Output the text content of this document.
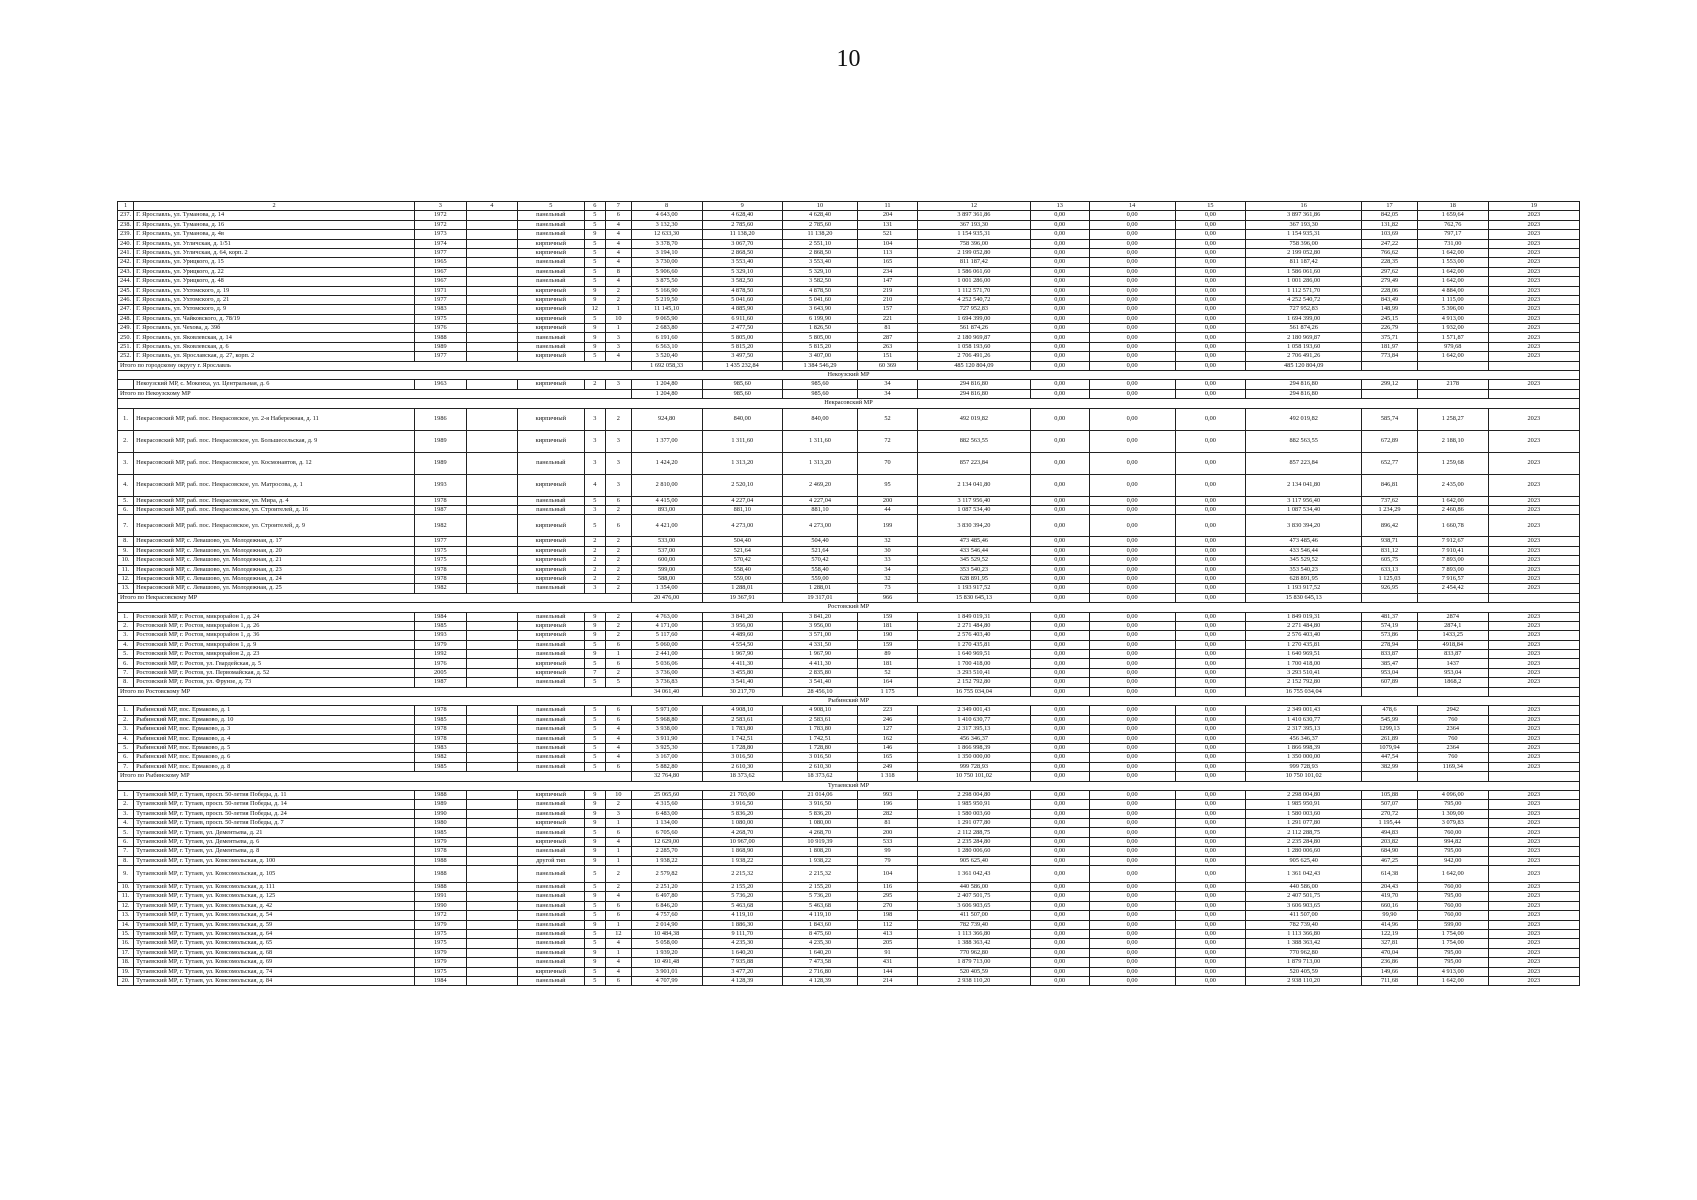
10
1	2	3	4	5	6	7	8	9	10	11	12	13	14	15	16	17	18	19
237.	Г. Ярославль, ул. Туманова, д. 14	1972		панельный	5	6	4 643,00	4 628,40	4 628,40	204	3 897 361,86	0,00	0,00	0,00	3 897 361,86	842,05	1 659,64	2023
238.	Г. Ярославль, ул. Туманова, д. 16	1972		панельный	5	4	3 132,30	2 785,60	2 785,60	131	367 193,30	0,00	0,00	0,00	367 193,30	131,82	762,76	2023
239.	Г. Ярославль, ул. Туманова, д. 4в	1973		панельный	9	4	12 633,30	11 138,20	11 138,20	521	1 154 935,31	0,00	0,00	0,00	1 154 935,31	103,69	797,17	2023
240.	Г. Ярославль, ул. Угличская, д. 1/51	1974		кирпичный	5	4	3 378,70	3 067,70	2 551,10	104	758 396,00	0,00	0,00	0,00	758 396,00	247,22	731,00	2023
241.	Г. Ярославль, ул. Угличская, д. 64, корп. 2	1977		кирпичный	5	4	3 194,10	2 868,50	2 868,50	113	2 199 052,80	0,00	0,00	0,00	2 199 052,80	766,62	1 642,00	2023
242.	Г. Ярославль, ул. Урицкого, д. 15	1965		панельный	5	4	3 730,00	3 553,40	3 553,40	165	811 187,42	0,00	0,00	0,00	811 187,42	228,35	1 553,00	2023
243.	Г. Ярославль, ул. Урицкого, д. 22	1967		панельный	5	8	5 906,60	5 329,10	5 329,10	234	1 586 061,60	0,00	0,00	0,00	1 586 061,60	297,62	1 642,00	2023
244.	Г. Ярославль, ул. Урицкого, д. 48	1967		панельный	5	4	3 875,50	3 582,50	3 582,50	147	1 001 286,00	0,00	0,00	0,00	1 001 286,00	279,49	1 642,00	2023
245.	Г. Ярославль, ул. Ухтомского, д. 19	1971		кирпичный	9	2	5 166,90	4 878,50	4 878,50	219	1 112 571,70	0,00	0,00	0,00	1 112 571,70	228,06	4 884,00	2023
246.	Г. Ярославль, ул. Ухтомского, д. 21	1977		кирпичный	9	2	5 219,50	5 041,60	5 041,60	210	4 252 540,72	0,00	0,00	0,00	4 252 540,72	843,49	1 115,00	2023
247.	Г. Ярославль, ул. Ухтомского, д. 9	1983		кирпичный	12	1	11 145,10	4 885,90	3 643,90	157	727 952,83	0,00	0,00	0,00	727 952,83	148,99	5 396,00	2023
248.	Г. Ярославль, ул. Чайковского, д. 78/19	1975		кирпичный	5	10	9 065,90	6 911,60	6 199,90	221	1 694 399,00	0,00	0,00	0,00	1 694 399,00	245,15	4 913,00	2023
249.	Г. Ярославль, ул. Чехова, д. 39б	1976		кирпичный	9	1	2 683,80	2 477,50	1 826,50	81	561 874,26	0,00	0,00	0,00	561 874,26	226,79	1 932,00	2023
250.	Г. Ярославль, ул. Яковлевская, д. 14	1988		панельный	9	3	6 191,60	5 805,00	5 805,00	287	2 180 969,87	0,00	0,00	0,00	2 180 969,87	375,71	1 571,87	2023
251.	Г. Ярославль, ул. Яковлевская, д. 6	1989		панельный	9	3	6 563,10	5 815,20	5 815,20	263	1 058 193,60	0,00	0,00	0,00	1 058 193,60	181,97	979,68	2023
252.	Г. Ярославль, ул. Ярославская, д. 27, корп. 2	1977		кирпичный	5	4	3 520,40	3 497,50	3 407,00	151	2 706 491,26	0,00	0,00	0,00	2 706 491,26	773,84	1 642,00	2023
Итого по городскому округу г. Ярославль							1 692 058,33	1 435 232,84	1 384 546,29	60 369	485 120 804,09	0,00	0,00	0,00	485 120 804,09			
Некоузский МР																		
	Некоузский МР, с. Мокеиха, ул. Центральная, д. 6	1963		кирпичный	2	3	1 204,80	985,60	985,60	34	294 816,80	0,00	0,00	0,00	294 816,80	299,12	2178	2023
Итого по Некоузскому МР							1 204,80	985,60	985,60	34	294 816,80	0,00	0,00	0,00	294 816,80			
Некрасовский МР																		
1.	Некрасовский МР, раб. пос. Некрасовское, ул. 2-я Набережная, д. 11	1986		кирпичный	3	2	924,80	840,00	840,00	52	492 019,82	0,00	0,00	0,00	492 019,82	585,74	1 258,27	2023
2.	Некрасовский МР, раб. пос. Некрасовское, ул. Большесельская, д. 9	1989		кирпичный	3	3	1 377,00	1 311,60	1 311,60	72	882 563,55	0,00	0,00	0,00	882 563,55	672,89	2 188,10	2023
3.	Некрасовский МР, раб. пос. Некрасовское, ул. Космонавтов, д. 12	1989		панельный	3	3	1 424,20	1 313,20	1 313,20	70	857 223,84	0,00	0,00	0,00	857 223,84	652,77	1 259,68	2023
4.	Некрасовский МР, раб. пос. Некрасовское, ул. Матросова, д. 1	1993		кирпичный	4	3	2 810,00	2 520,10	2 469,20	95	2 134 041,80	0,00	0,00	0,00	2 134 041,80	846,81	2 435,00	2023
5.	Некрасовский МР, раб. пос. Некрасовское, ул. Мира, д. 4	1978		панельный	5	6	4 415,00	4 227,04	4 227,04	200	3 117 956,40	0,00	0,00	0,00	3 117 956,40	737,62	1 642,00	2023
6.	Некрасовский МР, раб. пос. Некрасовское, ул. Строителей, д. 16	1987		панельный	3	2	893,00	881,10	881,10	44	1 087 534,40	0,00	0,00	0,00	1 087 534,40	1 234,29	2 460,86	2023
7.	Некрасовский МР, раб. пос. Некрасовское, ул. Строителей, д. 9	1982		кирпичный	5	6	4 421,00	4 273,00	4 273,00	199	3 830 394,20	0,00	0,00	0,00	3 830 394,20	896,42	1 660,78	2023
8.	Некрасовский МР, с. Левашово, ул. Молодежная, д. 17	1977		кирпичный	2	2	533,00	504,40	504,40	32	473 485,46	0,00	0,00	0,00	473 485,46	938,71	7 912,67	2023
9.	Некрасовский МР, с. Левашово, ул. Молодежная, д. 20	1975		кирпичный	2	2	537,00	521,64	521,64	30	433 546,44	0,00	0,00	0,00	433 546,44	831,12	7 910,41	2023
10.	Некрасовский МР, с. Левашово, ул. Молодежная, д. 21	1975		кирпичный	2	2	600,00	570,42	570,42	33	345 529,52	0,00	0,00	0,00	345 529,52	605,75	7 893,00	2023
11.	Некрасовский МР, с. Левашово, ул. Молодежная, д. 23	1978		кирпичный	2	2	599,00	558,40	558,40	34	353 540,23	0,00	0,00	0,00	353 540,23	633,13	7 893,00	2023
12.	Некрасовский МР, с. Левашово, ул. Молодежная, д. 24	1978		кирпичный	2	2	588,00	559,00	559,00	32	628 891,95	0,00	0,00	0,00	628 891,95	1 125,03	7 916,57	2023
13.	Некрасовский МР, с. Левашово, ул. Молодежная, д. 25	1982		панельный	3	2	1 354,00	1 288,01	1 288,01	73	1 193 917,52	0,00	0,00	0,00	1 193 917,52	926,95	2 454,42	2023
Итого по Некрасовскому МР							20 476,00	19 367,91	19 317,01	966	15 830 645,13	0,00	0,00	0,00	15 830 645,13			
Ростовский МР																		
1.	Ростовский МР, г. Ростов, микрорайон 1, д. 24	1984		панельный	9	2	4 763,00	3 841,20	3 841,20	159	1 849 019,31	0,00	0,00	0,00	1 849 019,31	481,37	2874	2023
2.	Ростовский МР, г. Ростов, микрорайон 1, д. 26	1985		кирпичный	9	2	4 171,00	3 956,00	3 956,00	181	2 271 484,80	0,00	0,00	0,00	2 271 484,80	574,19	2874,1	2023
3.	Ростовский МР, г. Ростов, микрорайон 1, д. 36	1993		кирпичный	9	2	5 117,60	4 489,60	3 571,00	190	2 576 403,40	0,00	0,00	0,00	2 576 403,40	573,86	1433,25	2023
4.	Ростовский МР, г. Ростов, микрорайон 1, д. 9	1979		панельный	5	6	5 060,00	4 554,50	4 331,50	159	1 270 435,81	0,00	0,00	0,00	1 270 435,81	278,94	4918,84	2023
5.	Ростовский МР, г. Ростов, микрорайон 2, д. 23	1992		панельный	9	1	2 441,00	1 967,90	1 967,90	89	1 640 969,51	0,00	0,00	0,00	1 640 969,51	833,87	833,87	2023
6.	Ростовский МР, г. Ростов, ул. Гвардейская, д. 5	1976		кирпичный	5	6	5 036,06	4 411,30	4 411,30	181	1 700 418,00	0,00	0,00	0,00	1 700 418,00	385,47	1437	2023
7.	Ростовский МР, г. Ростов, ул. Первомайская, д. 52	2005		кирпичный	7	2	3 736,00	3 455,80	2 835,80	52	3 293 510,41	0,00	0,00	0,00	3 293 510,41	953,04	953,04	2023
8.	Ростовский МР, г. Ростов, ул. Фрунзе, д. 73	1987		панельный	5	5	3 736,83	3 541,40	3 541,40	164	2 152 792,80	0,00	0,00	0,00	2 152 792,80	607,89	1868,2	2023
Итого по Ростовскому МР							34 061,40	30 217,70	28 456,10	1 175	16 755 034,04	0,00	0,00	0,00	16 755 034,04			
Рыбинский МР																		
1.	Рыбинский МР, пос. Ермаково, д. 1	1978		панельный	5	6	5 971,00	4 908,10	4 908,10	223	2 349 001,43	0,00	0,00	0,00	2 349 001,43	478,6	2942	2023
2.	Рыбинский МР, пос. Ермаково, д. 10	1985		панельный	5	6	5 968,80	2 583,61	2 583,61	246	1 410 630,77	0,00	0,00	0,00	1 410 630,77	545,99	760	2023
3.	Рыбинский МР, пос. Ермаково, д. 3	1978		панельный	5	4	3 938,00	1 783,80	1 783,80	127	2 317 395,13	0,00	0,00	0,00	2 317 395,13	1299,13	2364	2023
4.	Рыбинский МР, пос. Ермаково, д. 4	1978		панельный	5	4	3 911,90	1 742,51	1 742,51	162	456 346,37	0,00	0,00	0,00	456 346,37	261,89	760	2023
5.	Рыбинский МР, пос. Ермаково, д. 5	1983		панельный	5	4	3 925,30	1 728,80	1 728,80	146	1 866 998,39	0,00	0,00	0,00	1 866 998,39	1079,94	2364	2023
6.	Рыбинский МР, пос. Ермаково, д. 6	1982		панельный	5	4	3 167,00	3 016,50	3 016,50	165	1 350 000,00	0,00	0,00	0,00	1 350 000,00	447,54	760	2023
7.	Рыбинский МР, пос. Ермаково, д. 8	1985		панельный	5	6	5 882,80	2 610,30	2 610,30	249	999 728,93	0,00	0,00	0,00	999 728,93	382,99	1169,34	2023
Итого по Рыбинскому МР							32 764,80	18 373,62	18 373,62	1 318	10 750 101,02	0,00	0,00	0,00	10 750 101,02			
Тутаевский МР																		
1.	Тутаевский МР, г. Тутаев, просп. 50-летия Победы, д. 11	1988		кирпичный	9	10	25 065,60	21 703,00	21 014,06	993	2 298 004,80	0,00	0,00	0,00	2 298 004,80	105,88	4 096,00	2023
2.	Тутаевский МР, г. Тутаев, просп. 50-летия Победы, д. 14	1989		панельный	9	2	4 315,60	3 916,50	3 916,50	196	1 985 950,91	0,00	0,00	0,00	1 985 950,91	507,07	795,00	2023
3.	Тутаевский МР, г. Тутаев, просп. 50-летия Победы, д. 24	1990		панельный	9	3	6 483,00	5 836,20	5 836,20	282	1 580 003,60	0,00	0,00	0,00	1 580 003,60	270,72	1 309,00	2023
4.	Тутаевский МР, г. Тутаев, просп. 50-летия Победы, д. 7	1980		кирпичный	9	1	1 134,00	1 080,00	1 080,00	81	1 291 077,80	0,00	0,00	0,00	1 291 077,80	1 195,44	3 079,83	2023
5.	Тутаевский МР, г. Тутаев, ул. Дементьева, д. 21	1985		панельный	5	6	6 705,60	4 268,70	4 268,70	200	2 112 288,75	0,00	0,00	0,00	2 112 288,75	494,83	760,00	2023
6.	Тутаевский МР, г. Тутаев, ул. Дементьева, д. 6	1979		кирпичный	9	4	12 629,00	10 967,00	10 919,39	533	2 235 284,80	0,00	0,00	0,00	2 235 284,80	203,82	994,82	2023
7.	Тутаевский МР, г. Тутаев, ул. Дементьева, д. 8	1978		панельный	9	1	2 285,70	1 868,90	1 808,20	99	1 280 006,60	0,00	0,00	0,00	1 280 006,60	684,90	795,00	2023
8.	Тутаевский МР, г. Тутаев, ул. Комсомольская, д. 100	1988		другой тип	9	1	1 938,22	1 938,22	1 938,22	79	905 625,40	0,00	0,00	0,00	905 625,40	467,25	942,00	2023
9.	Тутаевский МР, г. Тутаев, ул. Комсомольская, д. 105	1988		панельный	5	2	2 579,82	2 215,32	2 215,32	104	1 361 042,43	0,00	0,00	0,00	1 361 042,43	614,38	1 642,00	2023
10.	Тутаевский МР, г. Тутаев, ул. Комсомольская, д. 111	1988		панельный	5	2	2 251,20	2 155,20	2 155,20	116	440 586,00	0,00	0,00	0,00	440 586,00	204,43	760,00	2023
11.	Тутаевский МР, г. Тутаев, ул. Комсомольская, д. 125	1991		панельный	9	4	6 497,80	5 736,20	5 736,20	295	2 407 501,75	0,00	0,00	0,00	2 407 501,75	419,70	795,00	2023
12.	Тутаевский МР, г. Тутаев, ул. Комсомольская, д. 42	1990		панельный	5	6	6 846,20	5 463,68	5 463,68	270	3 606 903,65	0,00	0,00	0,00	3 606 903,65	660,16	760,00	2023
13.	Тутаевский МР, г. Тутаев, ул. Комсомольская, д. 54	1972		панельный	5	6	4 757,60	4 119,10	4 119,10	198	411 507,00	0,00	0,00	0,00	411 507,00	99,90	760,00	2023
14.	Тутаевский МР, г. Тутаев, ул. Комсомольская, д. 59	1979		панельный	9	1	2 014,90	1 886,30	1 843,60	112	782 739,40	0,00	0,00	0,00	782 739,40	414,96	599,00	2023
15.	Тутаевский МР, г. Тутаев, ул. Комсомольская, д. 64	1975		панельный	5	12	10 484,38	9 111,70	8 475,60	413	1 113 366,80	0,00	0,00	0,00	1 113 366,80	122,19	1 754,00	2023
16.	Тутаевский МР, г. Тутаев, ул. Комсомольская, д. 65	1975		панельный	5	4	5 058,00	4 235,30	4 235,30	205	1 388 363,42	0,00	0,00	0,00	1 388 363,42	327,81	1 754,00	2023
17.	Тутаевский МР, г. Тутаев, ул. Комсомольская, д. 68	1979		панельный	9	1	1 939,20	1 640,20	1 640,20	91	770 962,80	0,00	0,00	0,00	770 962,80	470,04	795,00	2023
18.	Тутаевский МР, г. Тутаев, ул. Комсомольская, д. 69	1979		панельный	9	4	10 491,48	7 935,88	7 473,58	431	1 879 713,00	0,00	0,00	0,00	1 879 713,00	236,86	795,00	2023
19.	Тутаевский МР, г. Тутаев, ул. Комсомольская, д. 74	1975		кирпичный	5	4	3 901,01	3 477,20	2 716,80	144	520 405,59	0,00	0,00	0,00	520 405,59	149,66	4 913,00	2023
20.	Тутаевский МР, г. Тутаев, ул. Комсомольская, д. 84	1984		панельный	5	6	4 707,99	4 128,39	4 128,39	214	2 938 110,20	0,00	0,00	0,00	2 938 110,20	711,68	1 642,00	2023
